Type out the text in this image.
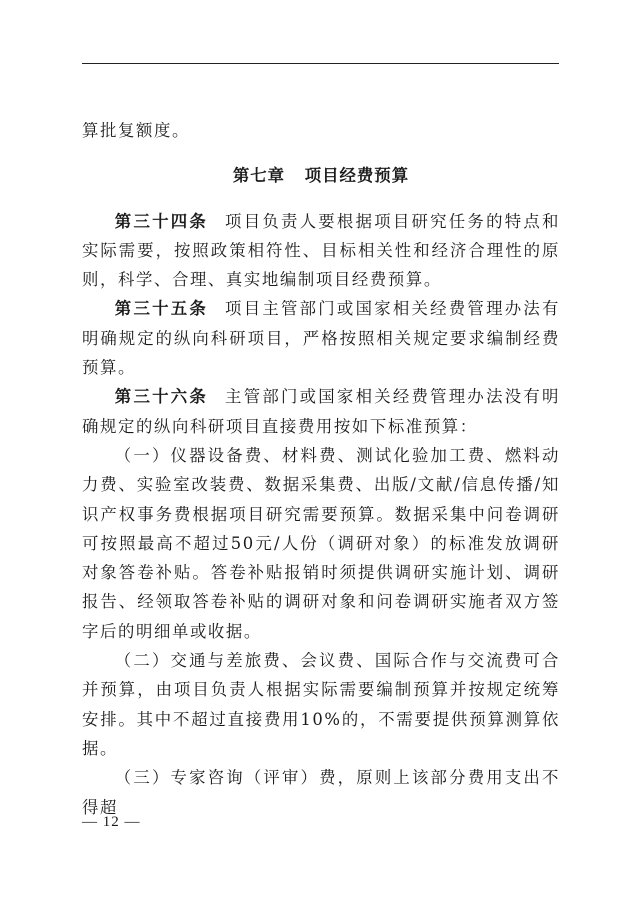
算批复额度。

第七章 项目经费预算

第三十四条 项目负责人要根据项目研究任务的特点和实际需要，按照政策相符性、目标相关性和经济合理性的原则，科学、合理、真实地编制项目经费预算。

第三十五条 项目主管部门或国家相关经费管理办法有明确规定的纵向科研项目，严格按照相关规定要求编制经费预算。

第三十六条 主管部门或国家相关经费管理办法没有明确规定的纵向科研项目直接费用按如下标准预算：

（一）仪器设备费、材料费、测试化验加工费、燃料动力费、实验室改装费、数据采集费、出版/文献/信息传播/知识产权事务费根据项目研究需要预算。数据采集中问卷调研可按照最高不超过50元/人份（调研对象）的标准发放调研对象答卷补贴。答卷补贴报销时须提供调研实施计划、调研报告、经领取答卷补贴的调研对象和问卷调研实施者双方签字后的明细单或收据。

（二）交通与差旅费、会议费、国际合作与交流费可合并预算，由项目负责人根据实际需要编制预算并按规定统筹安排。其中不超过直接费用10%的，不需要提供预算测算依据。

（三）专家咨询（评审）费，原则上该部分费用支出不得超

— 12 —
